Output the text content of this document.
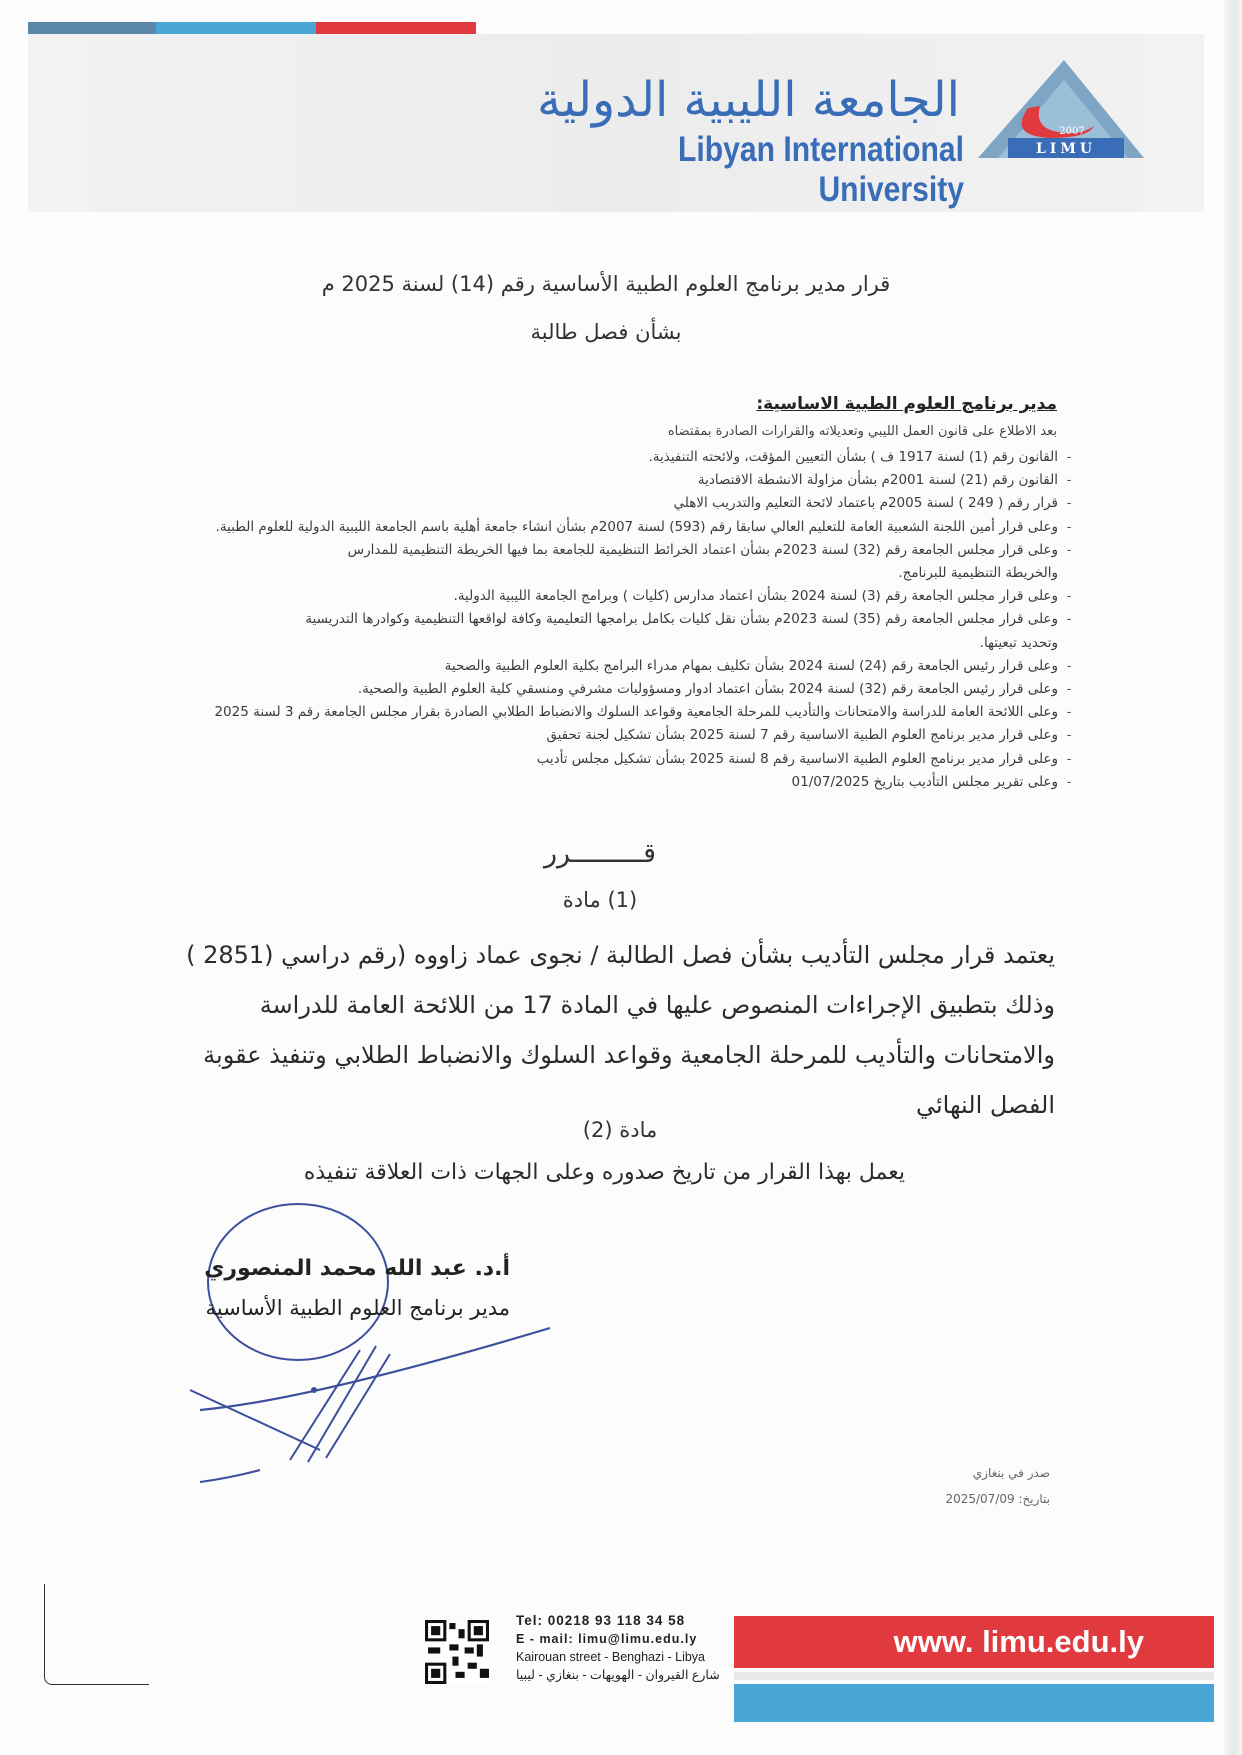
الجامعة الليبية الدولية
Libyan International University
LIMU
2007
قرار مدير برنامج العلوم الطبية الأساسية رقم (14) لسنة 2025 م
بشأن فصل طالبة
مدير برنامج العلوم الطبية الاساسية:
بعد الاطلاع على قانون العمل الليبي وتعديلاته والقرارات الصادرة بمقتضاه
-القانون رقم (1) لسنة 1917 ف ) بشأن التعيين المؤقت، ولائحته التنفيذية.
-القانون رقم (21) لسنة 2001م بشأن مزاولة الانشطة الاقتصادية
-قرار رقم ( 249 ) لسنة 2005م باعتماد لائحة التعليم والتدريب الاهلي
-وعلى قرار أمين اللجنة الشعبية العامة للتعليم العالي سابقا رقم (593) لسنة 2007م بشأن انشاء جامعة أهلية باسم الجامعة الليبية الدولية للعلوم الطبية.
-وعلى قرار مجلس الجامعة رقم (32) لسنة 2023م بشأن اعتماد الخرائط التنظيمية للجامعة بما فيها الخريطة التنظيمية للمدارس
والخريطة التنظيمية للبرنامج.
-وعلى قرار مجلس الجامعة رقم (3) لسنة 2024 بشأن اعتماد مدارس (كليات ) وبرامج الجامعة الليبية الدولية.
-وعلى قرار مجلس الجامعة رقم (35) لسنة 2023م بشأن نقل كليات بكامل برامجها التعليمية وكافة لواقعها التنظيمية وكوادرها التدريسية
وتحديد تبعيتها.
-وعلى قرار رئيس الجامعة رقم (24) لسنة 2024 بشأن تكليف بمهام مدراء البرامج بكلية العلوم الطبية والصحية
-وعلى قرار رئيس الجامعة رقم (32) لسنة 2024 بشأن اعتماد ادوار ومسؤوليات مشرفي ومنسقي كلية العلوم الطبية والصحية.
-وعلى اللائحة العامة للدراسة والامتحانات والتأديب للمرحلة الجامعية وقواعد السلوك والانضباط الطلابي الصادرة بقرار مجلس الجامعة رقم 3 لسنة 2025
-وعلى قرار مدير برنامج العلوم الطبية الاساسية رقم 7 لسنة 2025 بشأن تشكيل لجنة تحقيق
-وعلى قرار مدير برنامج العلوم الطبية الاساسية رقم 8 لسنة 2025 بشأن تشكيل مجلس تأديب
-وعلى تقرير مجلس التأديب بتاريخ 01/07/2025
قـــــــــرر
(1) مادة
يعتمد قرار مجلس التأديب بشأن فصل الطالبة / نجوى عماد زاووه (رقم دراسي (2851 ) وذلك بتطبيق الإجراءات المنصوص عليها في المادة 17 من اللائحة العامة للدراسة والامتحانات والتأديب للمرحلة الجامعية وقواعد السلوك والانضباط الطلابي وتنفيذ عقوبة الفصل النهائي
مادة (2)
يعمل بهذا القرار من تاريخ صدوره وعلى الجهات ذات العلاقة تنفيذه
أ.د. عبد الله محمد المنصوري
مدير برنامج العلوم الطبية الأساسية
صدر في بنغازي
بتاريخ: 2025/07/09
Tel: 00218 93 118 34 58
E - mail: limu@limu.edu.ly
Kairouan street - Benghazi - Libya
شارع القيروان - الهويهات - بنغازي - ليبيا
www. limu.edu.ly
